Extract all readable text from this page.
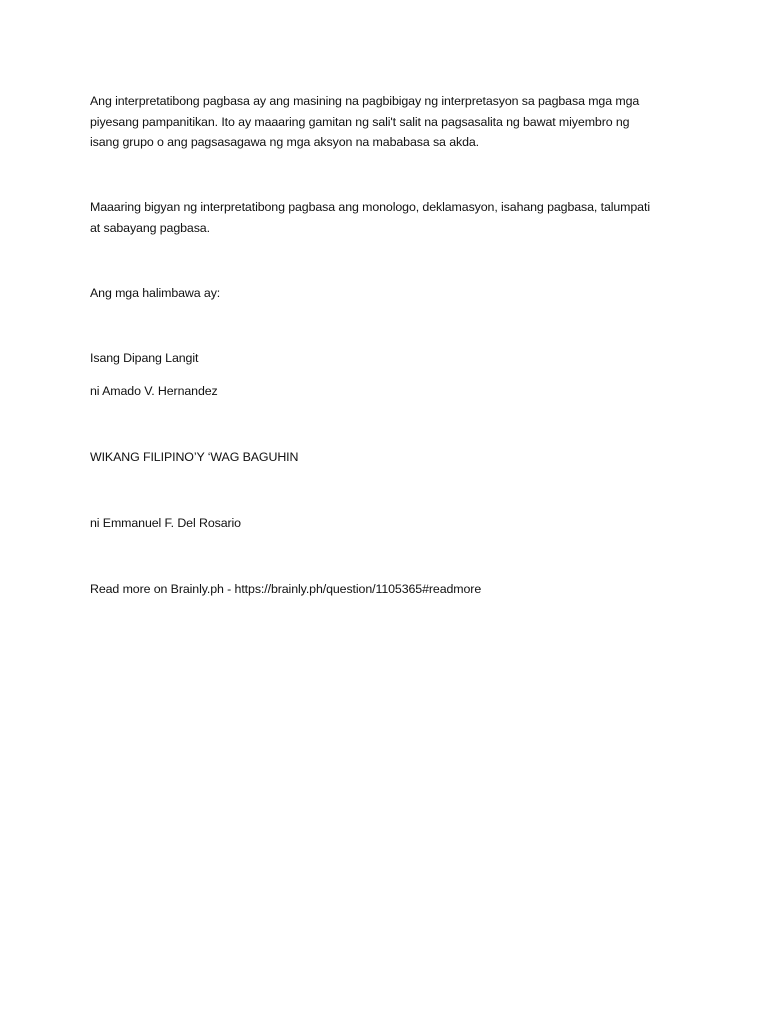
Ang interpretatibong pagbasa ay ang masining na pagbibigay ng interpretasyon sa pagbasa mga mga
piyesang pampanitikan. Ito ay maaaring gamitan ng sali't salit na pagsasalita ng bawat miyembro ng
isang grupo o ang pagsasagawa ng mga aksyon na mababasa sa akda.

Maaaring bigyan ng interpretatibong pagbasa ang monologo, deklamasyon, isahang pagbasa, talumpati
at sabayang pagbasa.

Ang mga halimbawa ay:

Isang Dipang Langit

ni Amado V. Hernandez

WIKANG FILIPINO’Y ‘WAG BAGUHIN

ni Emmanuel F. Del Rosario

Read more on Brainly.ph - https://brainly.ph/question/1105365#readmore
